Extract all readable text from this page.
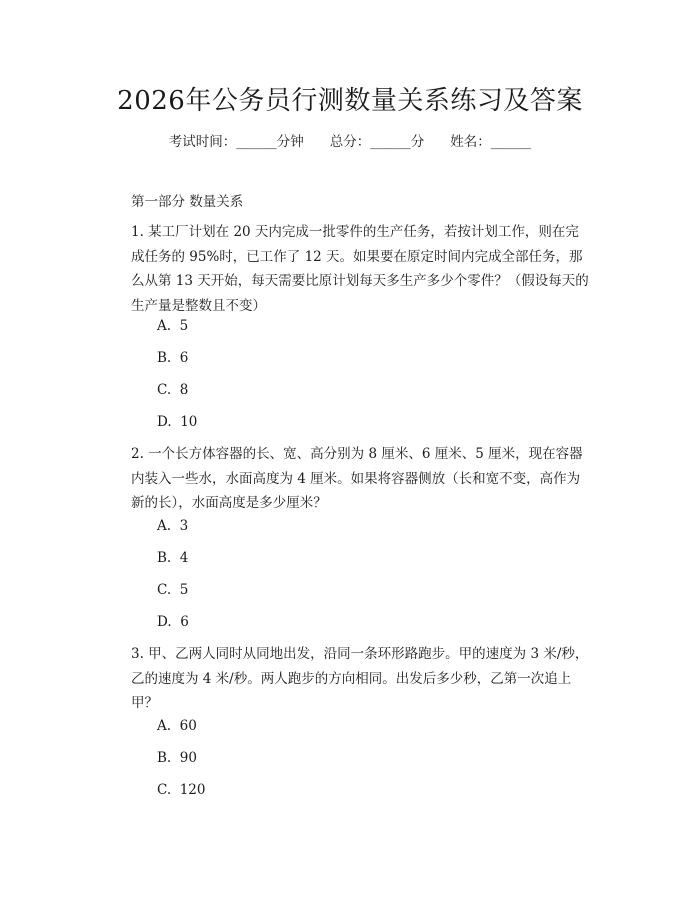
2026年公务员行测数量关系练习及答案
考试时间：______分钟 总分：______分 姓名：______
第一部分 数量关系

1. 某工厂计划在 20 天内完成一批零件的生产任务，若按计划工作，则在完成任务的 95%时，已工作了 12 天。如果要在原定时间内完成全部任务，那么从第 13 天开始，每天需要比原计划每天多生产多少个零件？（假设每天的生产量是整数且不变）

A.  5
B.  6
C.  8
D.  10

2. 一个长方体容器的长、宽、高分别为 8 厘米、6 厘米、5 厘米，现在容器内装入一些水，水面高度为 4 厘米。如果将容器侧放（长和宽不变，高作为新的长），水面高度是多少厘米？

A.  3
B.  4
C.  5
D.  6

3. 甲、乙两人同时从同地出发，沿同一条环形路跑步。甲的速度为 3 米/秒，乙的速度为 4 米/秒。两人跑步的方向相同。出发后多少秒，乙第一次追上甲？

A.  60
B.  90
C.  120
